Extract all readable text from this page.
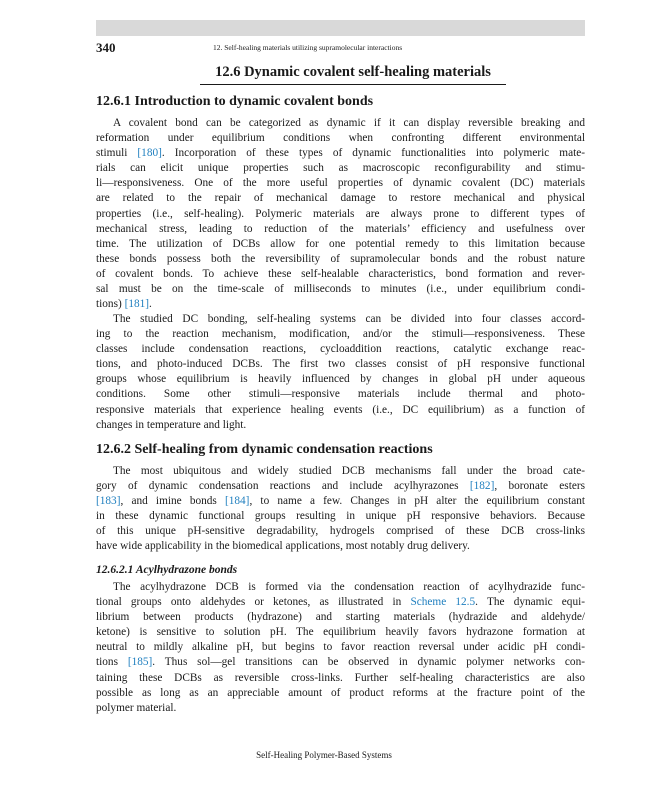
340	12. Self-healing materials utilizing supramolecular interactions
12.6 Dynamic covalent self-healing materials
12.6.1 Introduction to dynamic covalent bonds
A covalent bond can be categorized as dynamic if it can display reversible breaking and
reformation under equilibrium conditions when confronting different environmental
stimuli [180]. Incorporation of these types of dynamic functionalities into polymeric mate-
rials can elicit unique properties such as macroscopic reconfigurability and stimu-
li—responsiveness. One of the more useful properties of dynamic covalent (DC) materials
are related to the repair of mechanical damage to restore mechanical and physical
properties (i.e., self-healing). Polymeric materials are always prone to different types of
mechanical stress, leading to reduction of the materials’ efficiency and usefulness over
time. The utilization of DCBs allow for one potential remedy to this limitation because
these bonds possess both the reversibility of supramolecular bonds and the robust nature
of covalent bonds. To achieve these self-healable characteristics, bond formation and rever-
sal must be on the time-scale of milliseconds to minutes (i.e., under equilibrium condi-
tions) [181].
The studied DC bonding, self-healing systems can be divided into four classes accord-
ing to the reaction mechanism, modification, and/or the stimuli—responsiveness. These
classes include condensation reactions, cycloaddition reactions, catalytic exchange reac-
tions, and photo-induced DCBs. The first two classes consist of pH responsive functional
groups whose equilibrium is heavily influenced by changes in global pH under aqueous
conditions. Some other stimuli—responsive materials include thermal and photo-
responsive materials that experience healing events (i.e., DC equilibrium) as a function of
changes in temperature and light.
12.6.2 Self-healing from dynamic condensation reactions
The most ubiquitous and widely studied DCB mechanisms fall under the broad cate-
gory of dynamic condensation reactions and include acylhyrazones [182], boronate esters
[183], and imine bonds [184], to name a few. Changes in pH alter the equilibrium constant
in these dynamic functional groups resulting in unique pH responsive behaviors. Because
of this unique pH-sensitive degradability, hydrogels comprised of these DCB cross-links
have wide applicability in the biomedical applications, most notably drug delivery.
12.6.2.1 Acylhydrazone bonds
The acylhydrazone DCB is formed via the condensation reaction of acylhydrazide func-
tional groups onto aldehydes or ketones, as illustrated in Scheme 12.5. The dynamic equi-
librium between products (hydrazone) and starting materials (hydrazide and aldehyde/
ketone) is sensitive to solution pH. The equilibrium heavily favors hydrazone formation at
neutral to mildly alkaline pH, but begins to favor reaction reversal under acidic pH condi-
tions [185]. Thus sol—gel transitions can be observed in dynamic polymer networks con-
taining these DCBs as reversible cross-links. Further self-healing characteristics are also
possible as long as an appreciable amount of product reforms at the fracture point of the
polymer material.
Self-Healing Polymer-Based Systems
